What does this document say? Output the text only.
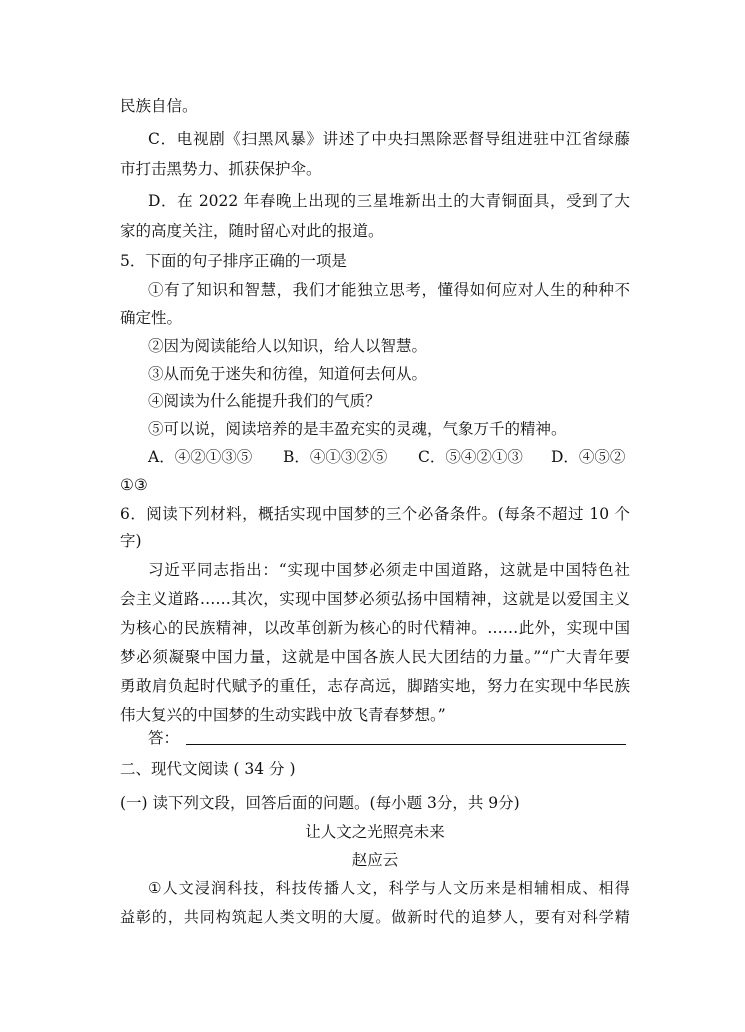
民族自信。
C．电视剧《扫黑风暴》讲述了中央扫黑除恶督导组进驻中江省绿藤
市打击黑势力、抓获保护伞。
D．在 2022 年春晚上出现的三星堆新出土的大青铜面具，受到了大
家的高度关注，随时留心对此的报道。
5．下面的句子排序正确的一项是
①有了知识和智慧，我们才能独立思考，懂得如何应对人生的种种不
确定性。
②因为阅读能给人以知识，给人以智慧。
③从而免于迷失和彷徨，知道何去何从。
④阅读为什么能提升我们的气质？
⑤可以说，阅读培养的是丰盈充实的灵魂，气象万千的精神。
A．④②①③⑤	B．④①③②⑤	C．⑤④②①③	D．④⑤②
①③
6．阅读下列材料，概括实现中国梦的三个必备条件。(每条不超过 10 个
字)
习近平同志指出：“实现中国梦必须走中国道路，这就是中国特色社
会主义道路……其次，实现中国梦必须弘扬中国精神，这就是以爱国主义
为核心的民族精神，以改革创新为核心的时代精神。……此外，实现中国
梦必须凝聚中国力量，这就是中国各族人民大团结的力量。”“广大青年要
勇敢肩负起时代赋予的重任，志存高远，脚踏实地，努力在实现中华民族
伟大复兴的中国梦的生动实践中放飞青春梦想。”
答：
二、现代文阅读 ( 34 分 )
(一) 读下列文段，回答后面的问题。(每小题 3分，共 9分)
让人文之光照亮未来
赵应云
①人文浸润科技，科技传播人文，科学与人文历来是相辅相成、相得
益彰的，共同构筑起人类文明的大厦。做新时代的追梦人，要有对科学精
